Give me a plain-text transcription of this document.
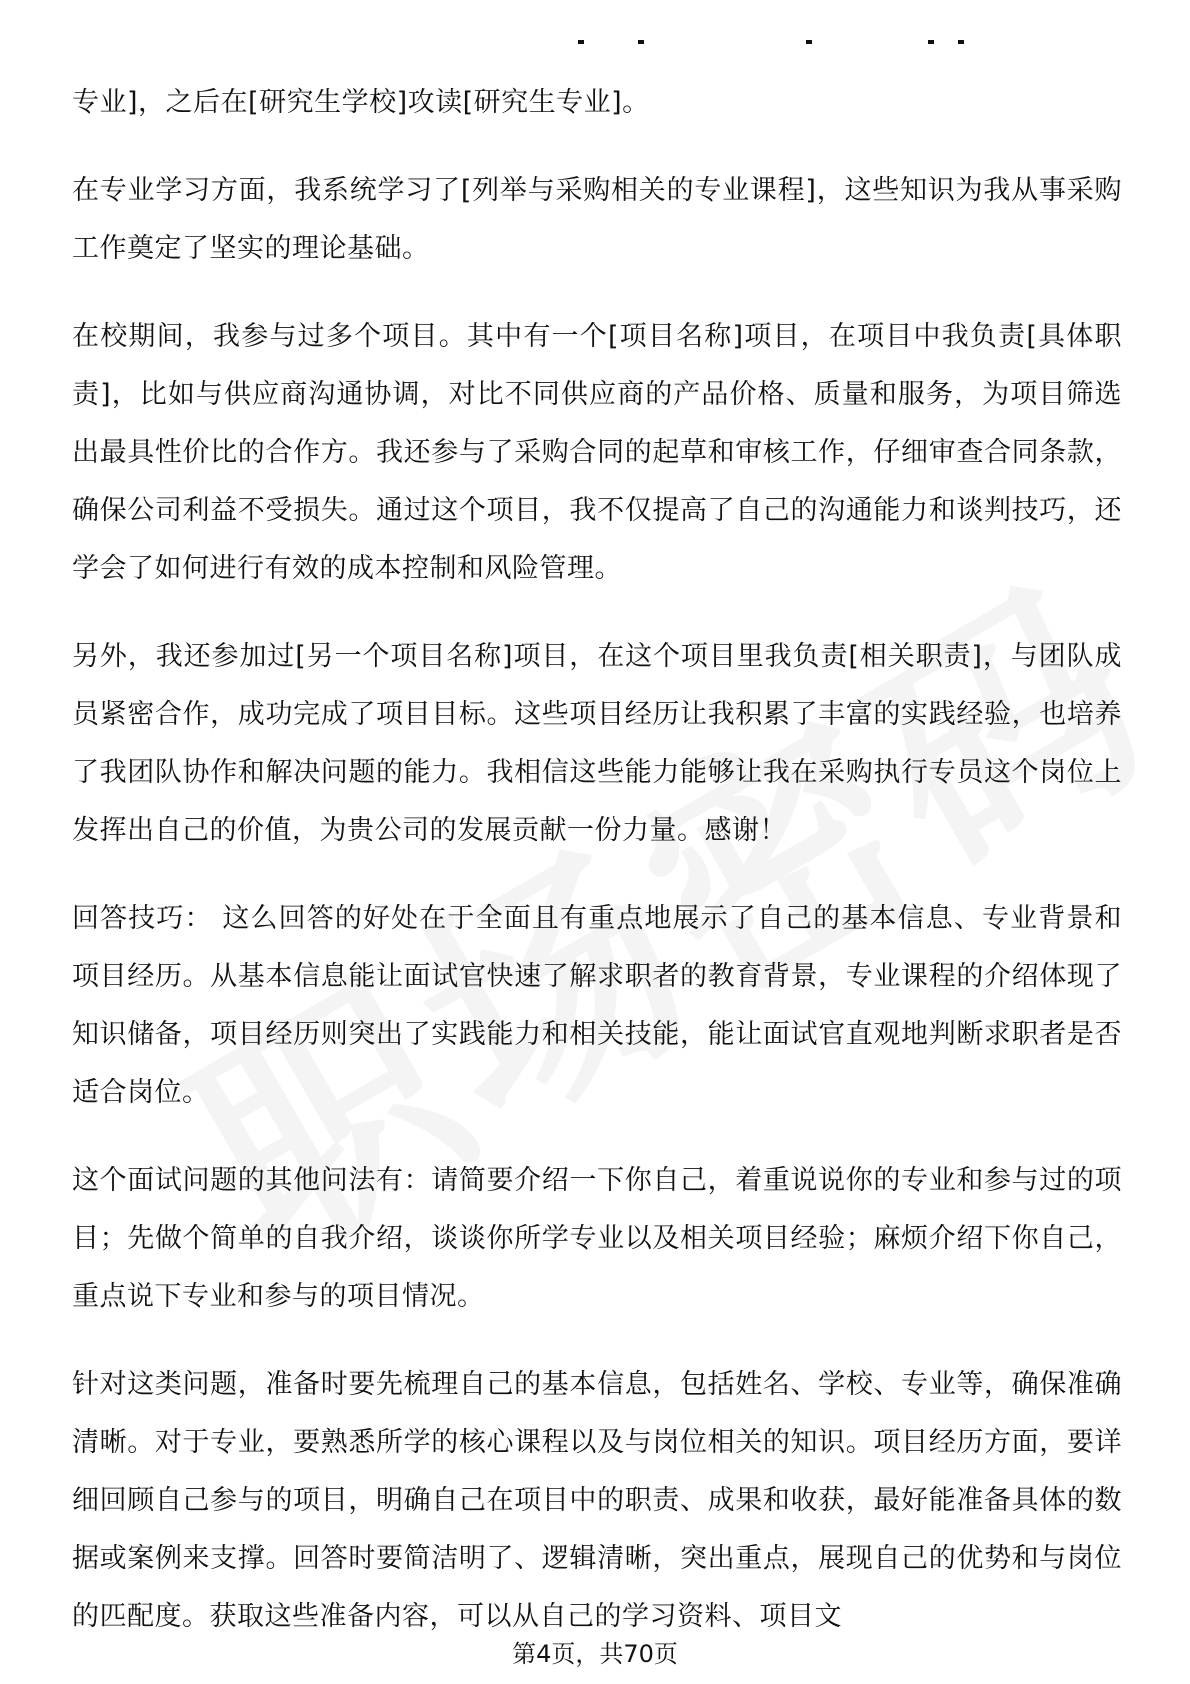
专业]，之后在[研究生学校]攻读[研究生专业]。

在专业学习方面，我系统学习了[列举与采购相关的专业课程]，这些知识为我从事采购工作奠定了坚实的理论基础。

在校期间，我参与过多个项目。其中有一个[项目名称]项目，在项目中我负责[具体职责]，比如与供应商沟通协调，对比不同供应商的产品价格、质量和服务，为项目筛选出最具性价比的合作方。我还参与了采购合同的起草和审核工作，仔细审查合同条款，确保公司利益不受损失。通过这个项目，我不仅提高了自己的沟通能力和谈判技巧，还学会了如何进行有效的成本控制和风险管理。

另外，我还参加过[另一个项目名称]项目，在这个项目里我负责[相关职责]，与团队成员紧密合作，成功完成了项目目标。这些项目经历让我积累了丰富的实践经验，也培养了我团队协作和解决问题的能力。我相信这些能力能够让我在采购执行专员这个岗位上发挥出自己的价值，为贵公司的发展贡献一份力量。感谢！

回答技巧： 这么回答的好处在于全面且有重点地展示了自己的基本信息、专业背景和项目经历。从基本信息能让面试官快速了解求职者的教育背景，专业课程的介绍体现了知识储备，项目经历则突出了实践能力和相关技能，能让面试官直观地判断求职者是否适合岗位。

这个面试问题的其他问法有：请简要介绍一下你自己，着重说说你的专业和参与过的项目；先做个简单的自我介绍，谈谈你所学专业以及相关项目经验；麻烦介绍下你自己，重点说下专业和参与的项目情况。

针对这类问题，准备时要先梳理自己的基本信息，包括姓名、学校、专业等，确保准确清晰。对于专业，要熟悉所学的核心课程以及与岗位相关的知识。项目经历方面，要详细回顾自己参与的项目，明确自己在项目中的职责、成果和收获，最好能准备具体的数据或案例来支撑。回答时要简洁明了、逻辑清晰，突出重点，展现自己的优势和与岗位的匹配度。获取这些准备内容，可以从自己的学习资料、项目文

第4页，共70页
